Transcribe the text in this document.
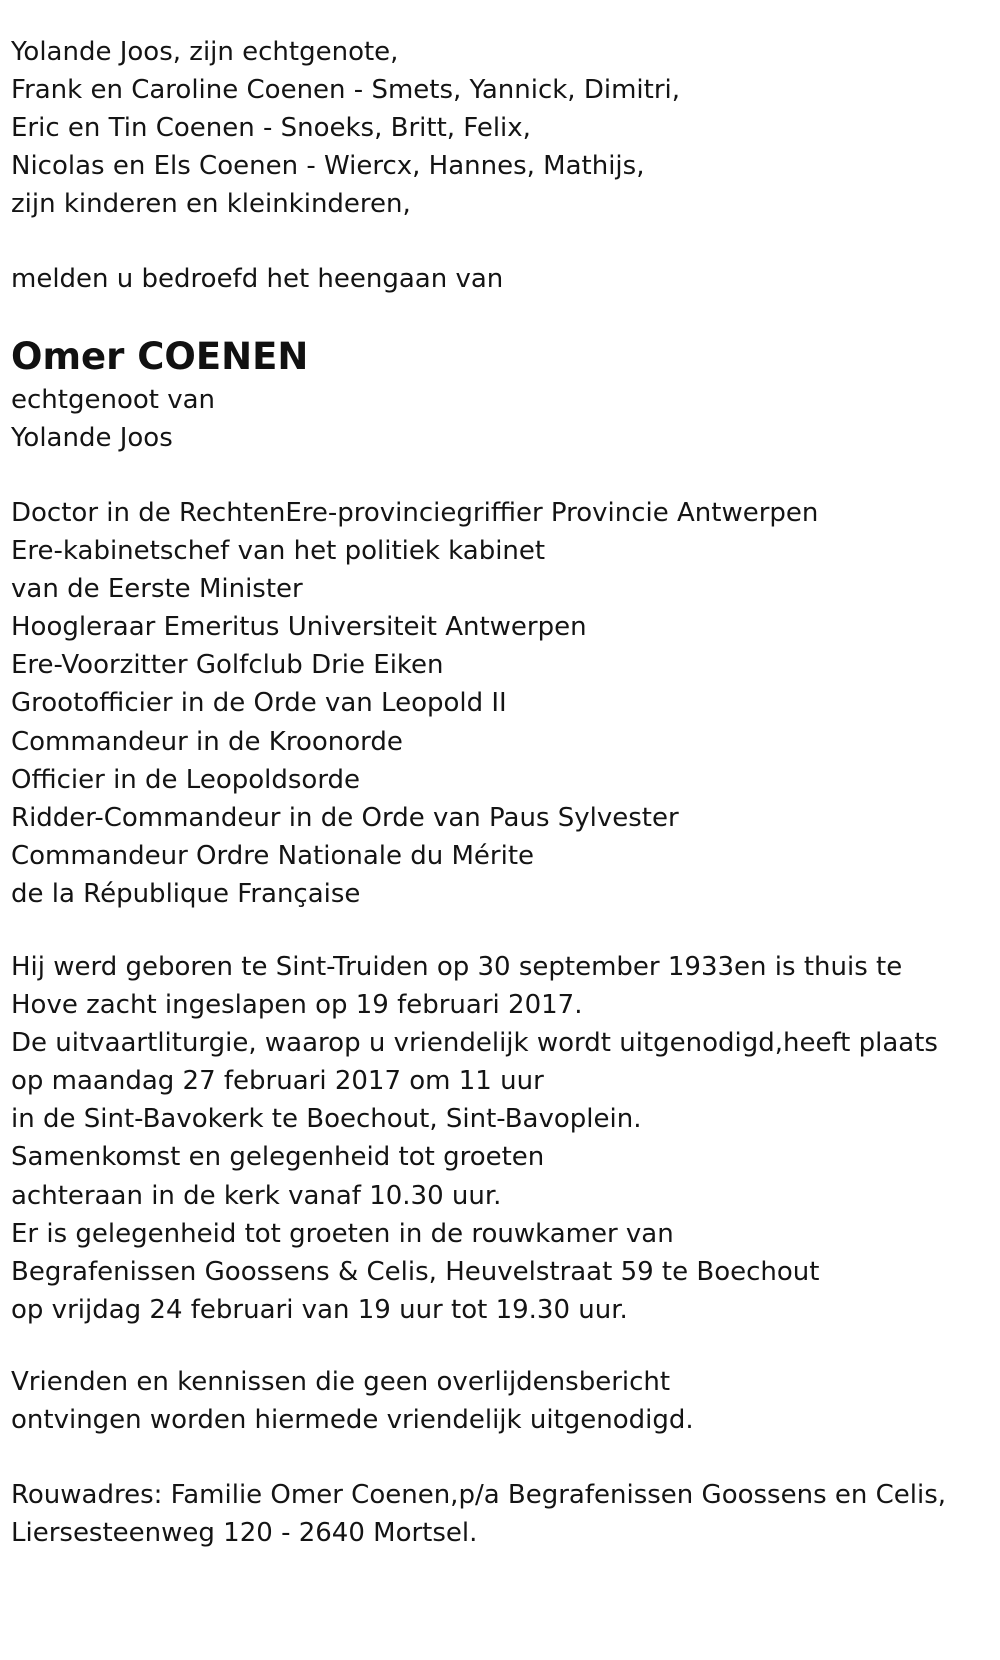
Yolande Joos, zijn echtgenote,
Frank en Caroline Coenen - Smets, Yannick, Dimitri,
Eric en Tin Coenen - Snoeks, Britt, Felix,
Nicolas en Els Coenen - Wiercx, Hannes, Mathijs,
zijn kinderen en kleinkinderen,
melden u bedroefd het heengaan van
Omer COENEN
echtgenoot van
Yolande Joos
Doctor in de RechtenEre-provinciegriffier Provincie Antwerpen
Ere-kabinetschef van het politiek kabinet
van de Eerste Minister
Hoogleraar Emeritus Universiteit Antwerpen
Ere-Voorzitter Golfclub Drie Eiken
Grootofficier in de Orde van Leopold II
Commandeur in de Kroonorde
Officier in de Leopoldsorde
Ridder-Commandeur in de Orde van Paus Sylvester
Commandeur Ordre Nationale du Mérite
de la République Française
Hij werd geboren te Sint-Truiden op 30 september 1933en is thuis te
Hove zacht ingeslapen op 19 februari 2017.
De uitvaartliturgie, waarop u vriendelijk wordt uitgenodigd,heeft plaats
op maandag 27 februari 2017 om 11 uur
in de Sint-Bavokerk te Boechout, Sint-Bavoplein.
Samenkomst en gelegenheid tot groeten
achteraan in de kerk vanaf 10.30 uur.
Er is gelegenheid tot groeten in de rouwkamer van
Begrafenissen Goossens & Celis, Heuvelstraat 59 te Boechout
op vrijdag 24 februari van 19 uur tot 19.30 uur.
Vrienden en kennissen die geen overlijdensbericht
ontvingen worden hiermede vriendelijk uitgenodigd.
Rouwadres: Familie Omer Coenen,p/a Begrafenissen Goossens en Celis,
Liersesteenweg 120 - 2640 Mortsel.
